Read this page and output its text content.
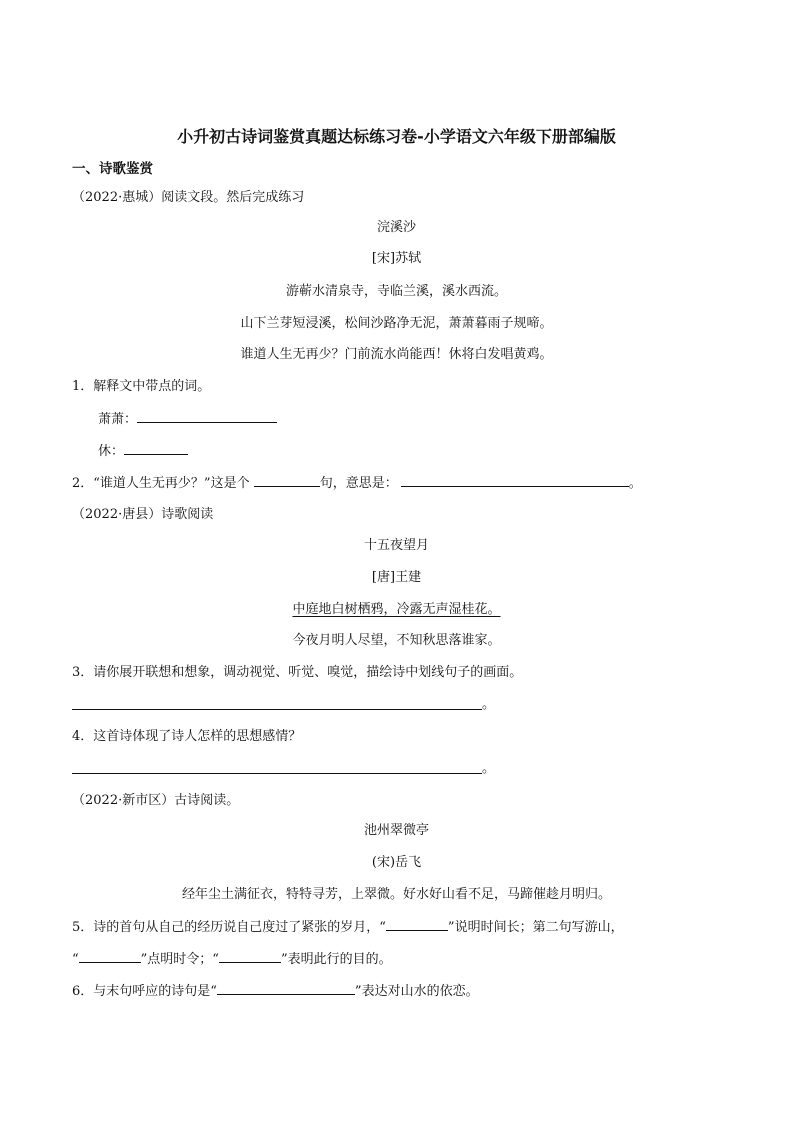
小升初古诗词鉴赏真题达标练习卷-小学语文六年级下册部编版
一、诗歌鉴赏
（2022·惠城）阅读文段。然后完成练习
浣溪沙
[宋]苏轼
游蕲水清泉寺，寺临兰溪，溪水西流。
山下兰芽短浸溪，松间沙路净无泥，萧萧暮雨子规啼。
谁道人生无再少？门前流水尚能西！休将白发唱黄鸡。
1．解释文中带点的词。
萧萧：
休：
2．“谁道人生无再少？”这是个	句，意思是：	。
（2022·唐县）诗歌阅读
十五夜望月
[唐]王建
中庭地白树栖鸦，冷露无声湿桂花。
今夜月明人尽望，不知秋思落谁家。
3．请你展开联想和想象，调动视觉、听觉、嗅觉，描绘诗中划线句子的画面。
。
4．这首诗体现了诗人怎样的思想感情？
。
（2022·新市区）古诗阅读。
池州翠微亭
(宋)岳飞
经年尘土满征衣，特特寻芳，上翠微。好水好山看不足，马蹄催趁月明归。
5．诗的首句从自己的经历说自己度过了紧张的岁月，“	”说明时间长；第二句写游山，
“	”点明时令；“	”表明此行的目的。
6．与末句呼应的诗句是“	”表达对山水的依恋。
